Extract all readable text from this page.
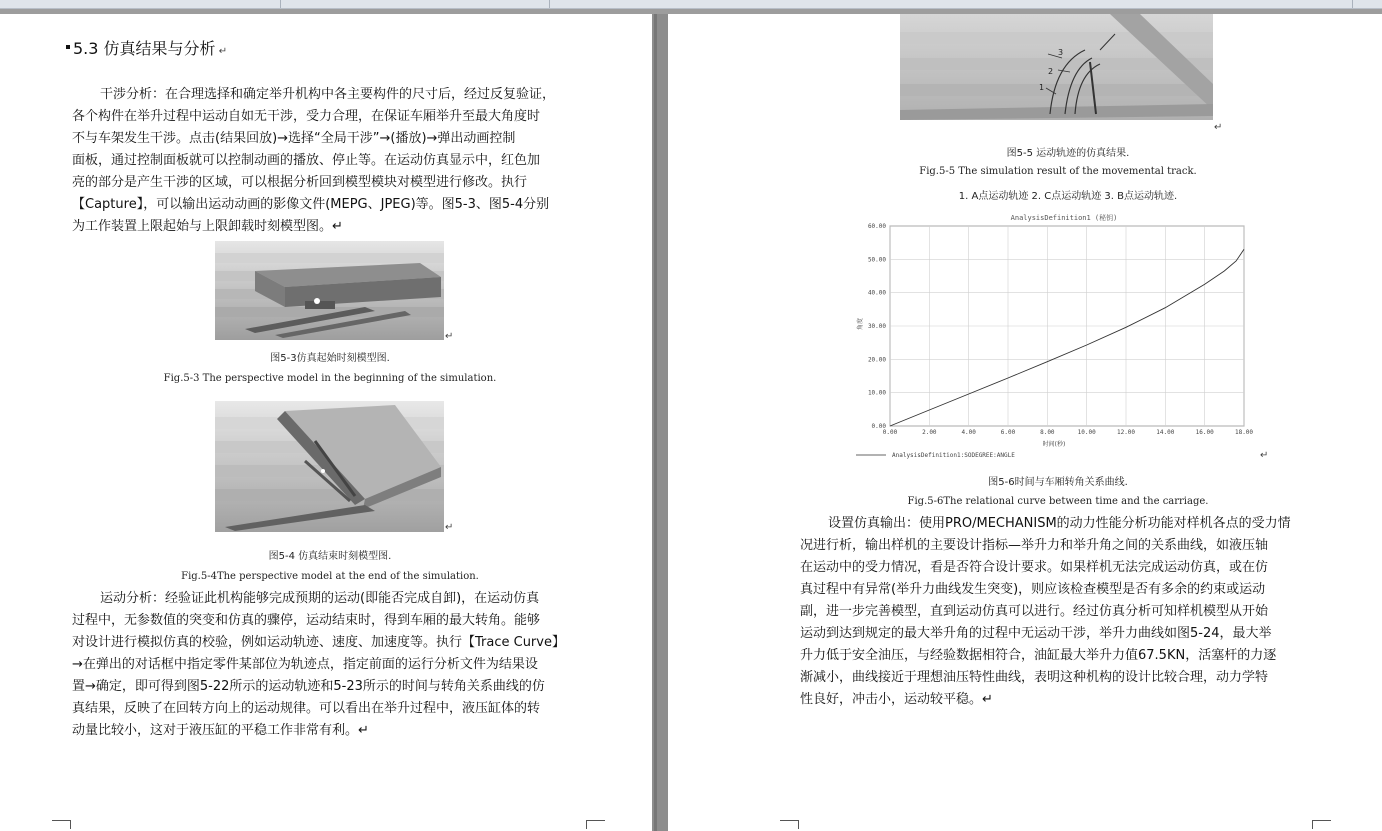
5.3 仿真结果与分析 ↵
干涉分析：在合理选择和确定举升机构中各主要构件的尺寸后，经过反复验证，
各个构件在举升过程中运动自如无干涉，受力合理，在保证车厢举升至最大角度时
不与车架发生干涉。点击(结果回放)→选择“全局干涉”→(播放)→弹出动画控制
面板，通过控制面板就可以控制动画的播放、停止等。在运动仿真显示中，红色加
亮的部分是产生干涉的区域，可以根据分析回到模型模块对模型进行修改。执行
【Capture】，可以输出运动动画的影像文件(MEPG、JPEG)等。图5-3、图5-4分别
为工作装置上限起始与上限卸载时刻模型图。↵
↵
图5-3仿真起始时刻模型图.
Fig.5-3 The perspective model in the beginning of the simulation.
↵
图5-4 仿真结束时刻模型图.
Fig.5-4The perspective model at the end of the simulation.
运动分析：经验证此机构能够完成预期的运动(即能否完成自卸)，在运动仿真
过程中，无参数值的突变和仿真的骤停，运动结束时，得到车厢的最大转角。能够
对设计进行模拟仿真的校验，例如运动轨迹、速度、加速度等。执行【Trace Curve】
→在弹出的对话框中指定零件某部位为轨迹点，指定前面的运行分析文件为结果设
置→确定，即可得到图5-22所示的运动轨迹和5-23所示的时间与转角关系曲线的仿
真结果，反映了在回转方向上的运动规律。可以看出在举升过程中，液压缸体的转
动量比较小，这对于液压缸的平稳工作非常有利。↵
3
2
1
↵
图5-5 运动轨迹的仿真结果.
Fig.5-5 The simulation result of the movemental track.
1. A点运动轨迹 2. C点运动轨迹 3. B点运动轨迹.
AnalysisDefinition1 (秘钥)
0.00
10.00
20.00
30.00
40.00
50.00
60.00
0.00	2.00	4.00	6.00	8.00	10.00	12.00	14.00	16.00	18.00
角度
时间(秒)
AnalysisDefinition1:SODEGREE:ANGLE	↵
图5-6时间与车厢转角关系曲线.
Fig.5-6The relational curve between time and the carriage.
设置仿真输出：使用PRO/MECHANISM的动力性能分析功能对样机各点的受力情
况进行析，输出样机的主要设计指标—举升力和举升角之间的关系曲线，如液压轴
在运动中的受力情况，看是否符合设计要求。如果样机无法完成运动仿真，或在仿
真过程中有异常(举升力曲线发生突变)，则应该检查模型是否有多余的约束或运动
副，进一步完善模型，直到运动仿真可以进行。经过仿真分析可知样机模型从开始
运动到达到规定的最大举升角的过程中无运动干涉，举升力曲线如图5-24，最大举
升力低于安全油压，与经验数据相符合，油缸最大举升力值67.5KN，活塞杆的力逐
渐减小，曲线接近于理想油压特性曲线，表明这种机构的设计比较合理，动力学特
性良好，冲击小，运动较平稳。↵
